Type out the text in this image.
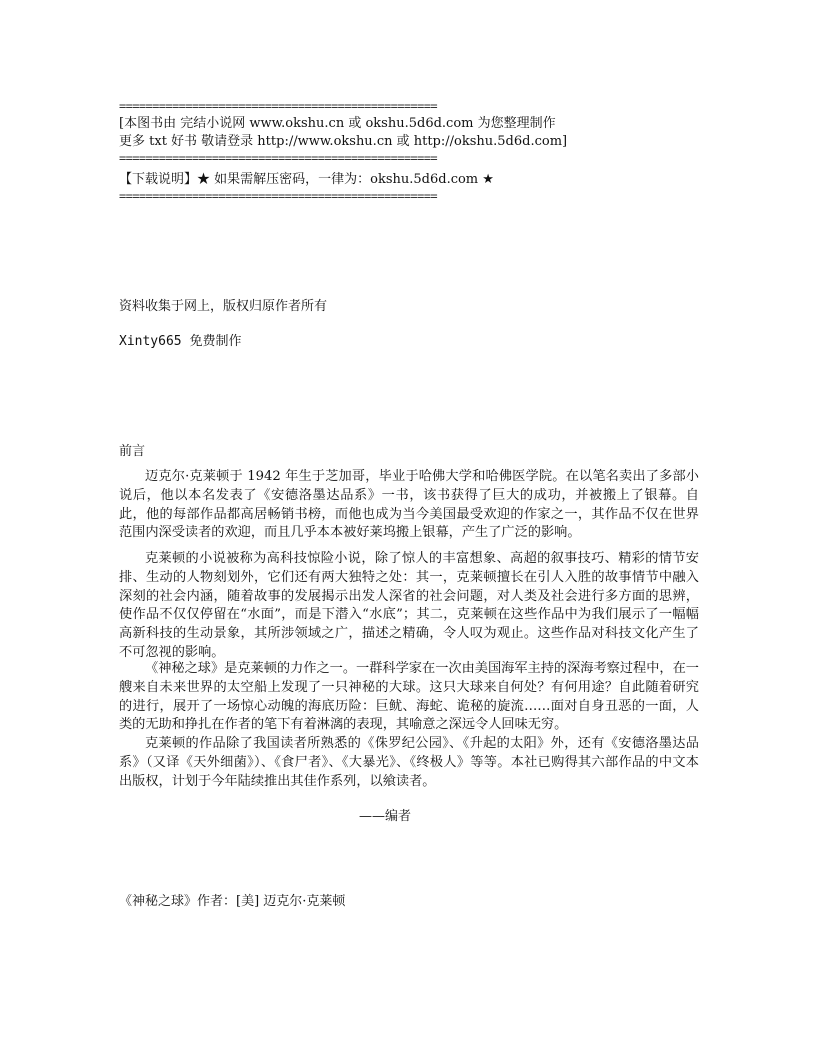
================================================
[本图书由 完结小说网 www.okshu.cn 或 okshu.5d6d.com 为您整理制作
更多 txt 好书 敬请登录 http://www.okshu.cn 或 http://okshu.5d6d.com]
================================================
【下载说明】★ 如果需解压密码，一律为：okshu.5d6d.com ★
================================================
资料收集于网上，版权归原作者所有
Xinty665 免费制作
前言
迈克尔·克莱顿于 1942 年生于芝加哥，毕业于哈佛大学和哈佛医学院。在以笔名卖出了多部小说后，他以本名发表了《安德洛墨达品系》一书，该书获得了巨大的成功，并被搬上了银幕。自此，他的每部作品都高居畅销书榜，而他也成为当今美国最受欢迎的作家之一，其作品不仅在世界范围内深受读者的欢迎，而且几乎本本被好莱坞搬上银幕，产生了广泛的影响。
克莱顿的小说被称为高科技惊险小说，除了惊人的丰富想象、高超的叙事技巧、精彩的情节安排、生动的人物刻划外，它们还有两大独特之处：其一，克莱顿擅长在引人入胜的故事情节中融入深刻的社会内涵，随着故事的发展揭示出发人深省的社会问题，对人类及社会进行多方面的思辨，使作品不仅仅停留在“水面”，而是下潜入“水底”；其二，克莱顿在这些作品中为我们展示了一幅幅高新科技的生动景象，其所涉领域之广，描述之精确，令人叹为观止。这些作品对科技文化产生了不可忽视的影响。
《神秘之球》是克莱顿的力作之一。一群科学家在一次由美国海军主持的深海考察过程中，在一艘来自未来世界的太空船上发现了一只神秘的大球。这只大球来自何处？有何用途？自此随着研究的进行，展开了一场惊心动魄的海底历险：巨鱿、海蛇、诡秘的旋流……面对自身丑恶的一面，人类的无助和挣扎在作者的笔下有着淋漓的表现，其喻意之深远令人回味无穷。
克莱顿的作品除了我国读者所熟悉的《侏罗纪公园》、《升起的太阳》外，还有《安德洛墨达品系》（又译《天外细菌》）、《食尸者》、《大暴光》、《终极人》等等。本社已购得其六部作品的中文本出版权，计划于今年陆续推出其佳作系列，以飨读者。
——编者
《神秘之球》作者：[美] 迈克尔·克莱顿
